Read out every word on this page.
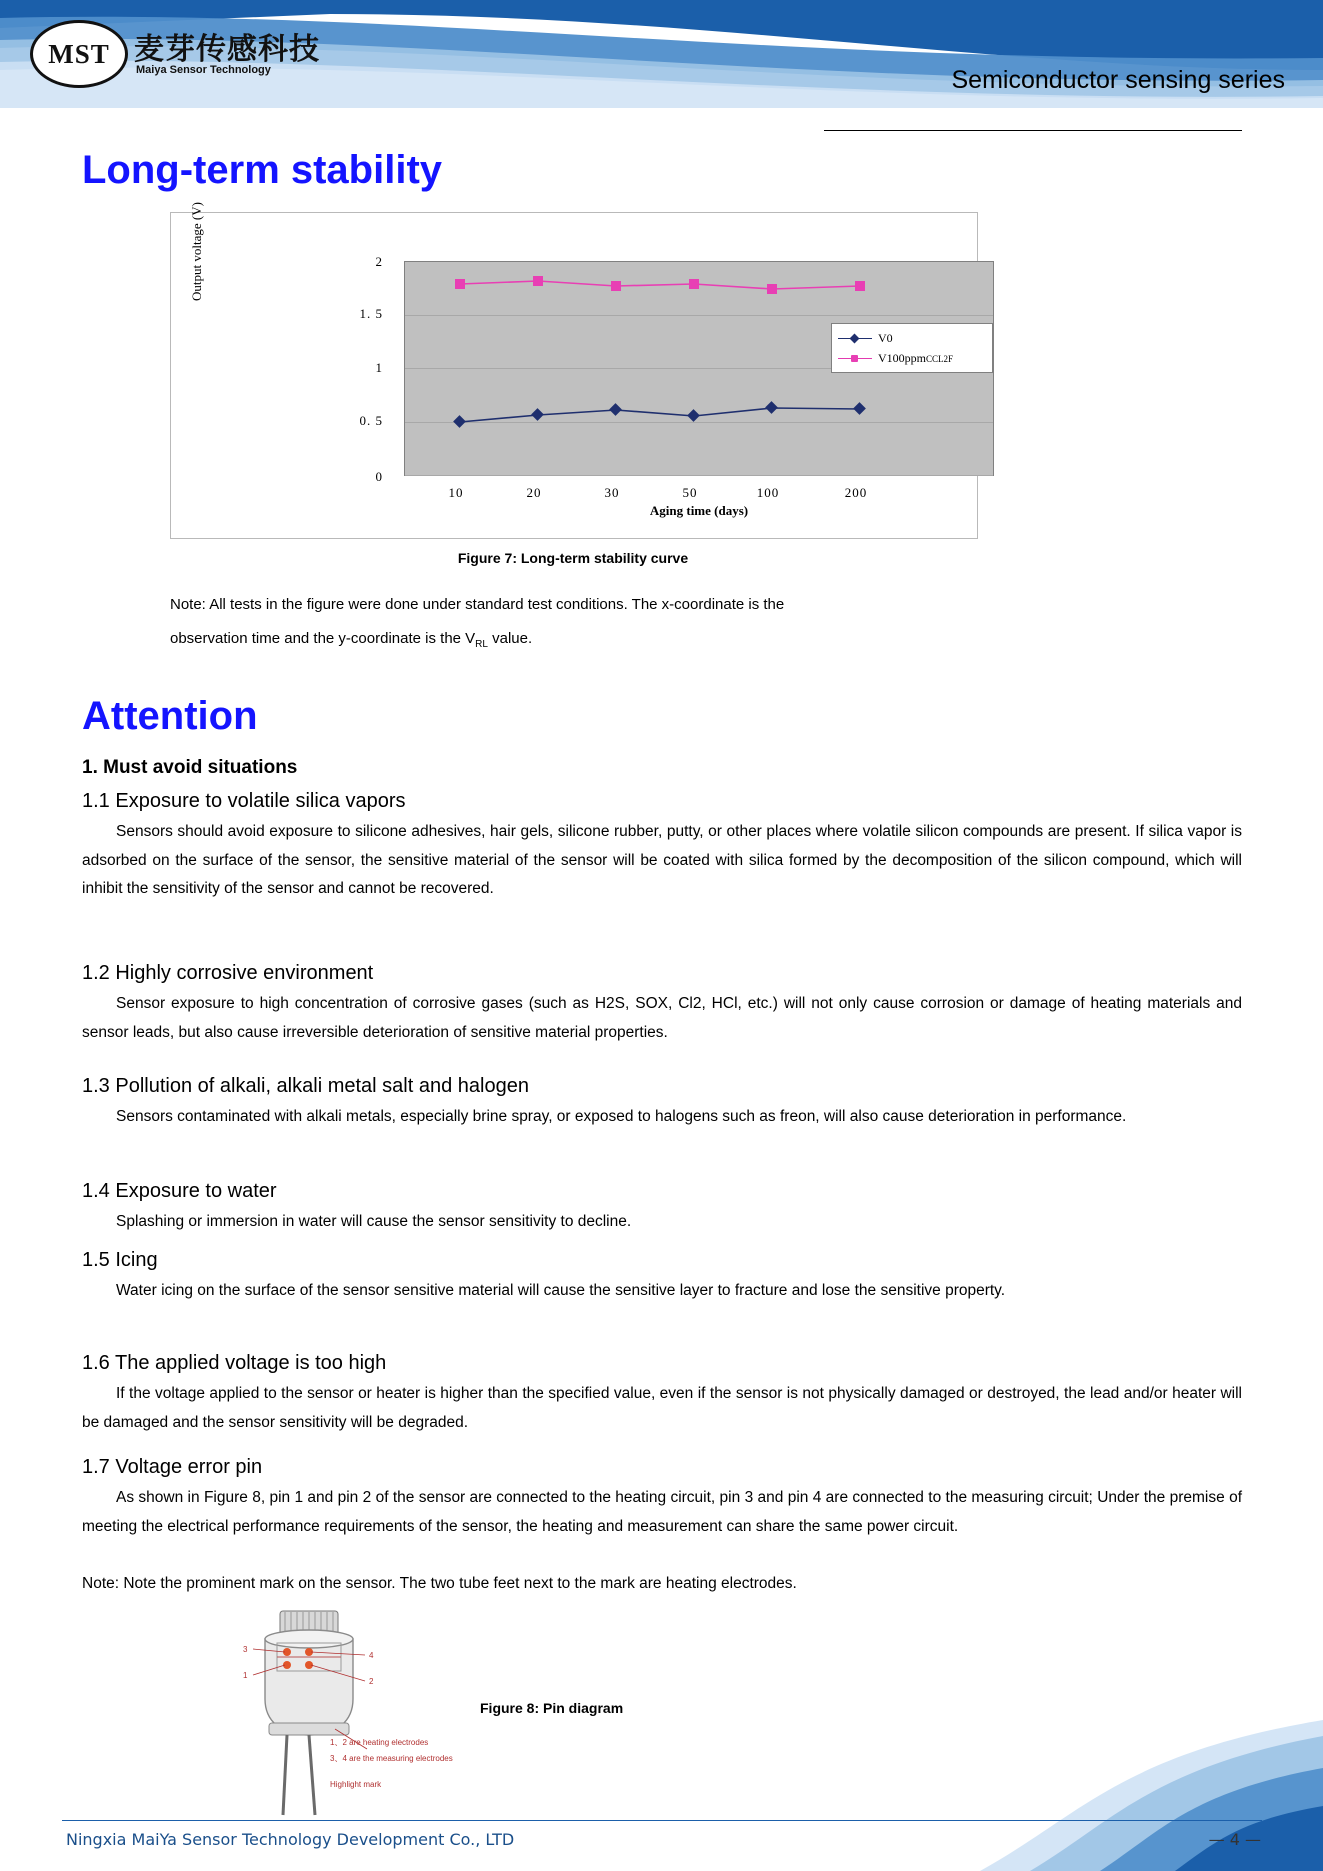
MST 麦芽传感科技
Maiya Sensor Technology	Semiconductor sensing series
Long-term stability
Output voltage (V)
0
0. 5
1
1. 5
2
V0
V100ppmCCL2F
10	20	30	50	100	200
Aging time (days)
Figure 7: Long-term stability curve
Note: All tests in the figure were done under standard test conditions. The x-coordinate is the
observation time and the y-coordinate is the $V_{RL}$ value.
Attention
1. Must avoid situations
1.1 Exposure to volatile silica vapors
Sensors should avoid exposure to silicone adhesives, hair gels, silicone rubber, putty, or other places where volatile silicon compounds are present. If silica vapor is adsorbed on the surface of the sensor, the sensitive material of the sensor will be coated with silica formed by the decomposition of the silicon compound, which will inhibit the sensitivity of the sensor and cannot be recovered.
1.2 Highly corrosive environment
Sensor exposure to high concentration of corrosive gases (such as H2S, SOX, Cl2, HCl, etc.) will not only cause corrosion or damage of heating materials and sensor leads, but also cause irreversible deterioration of sensitive material properties.
1.3 Pollution of alkali, alkali metal salt and halogen
Sensors contaminated with alkali metals, especially brine spray, or exposed to halogens such as freon, will also cause deterioration in performance.
1.4 Exposure to water
Splashing or immersion in water will cause the sensor sensitivity to decline.
1.5 Icing
Water icing on the surface of the sensor sensitive material will cause the sensitive layer to fracture and lose the sensitive property.
1.6 The applied voltage is too high
If the voltage applied to the sensor or heater is higher than the specified value, even if the sensor is not physically damaged or destroyed, the lead and/or heater will be damaged and the sensor sensitivity will be degraded.
1.7 Voltage error pin
As shown in Figure 8, pin 1 and pin 2 of the sensor are connected to the heating circuit, pin 3 and pin 4 are connected to the measuring circuit; Under the premise of meeting the electrical performance requirements of the sensor, the heating and measurement can share the same power circuit.
Note: Note the prominent mark on the sensor. The two tube feet next to the mark are heating electrodes.
3
1
4
2
1、2 are heating electrodes
3、4 are the measuring electrodes
Highlight mark
Figure 8: Pin diagram
Ningxia MaiYa Sensor Technology Development Co., LTD	— 4 —
